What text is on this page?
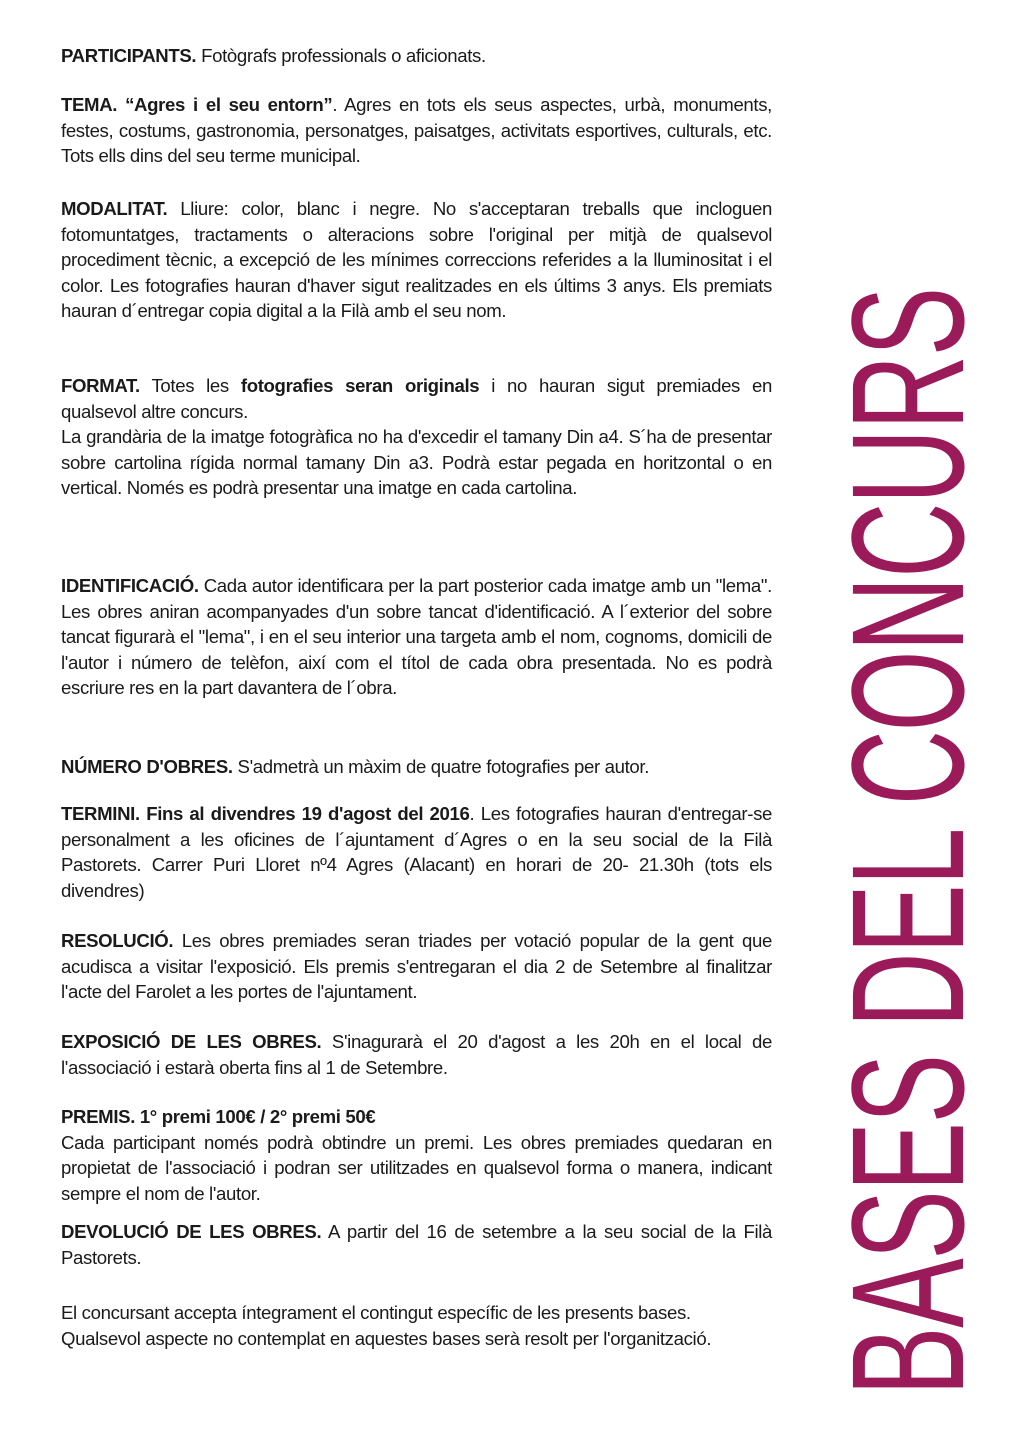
PARTICIPANTS. Fotògrafs professionals o aficionats.
TEMA. “Agres i el seu entorn”. Agres en tots els seus aspectes, urbà, monuments, festes, costums, gastronomia, personatges, paisatges, activitats esportives, culturals, etc. Tots ells dins del seu terme municipal.
MODALITAT. Lliure: color, blanc i negre. No s'acceptaran treballs que incloguen fotomuntatges, tractaments o alteracions sobre l'original per mitjà de qualsevol procediment tècnic, a excepció de les mínimes correccions referides a la lluminositat i el color. Les fotografies hauran d'haver sigut realitzades en els últims 3 anys. Els premiats hauran d´entregar copia digital a la Filà amb el seu nom.
FORMAT. Totes les fotografies seran originals i no hauran sigut premiades en qualsevol altre concurs.
La grandària de la imatge fotogràfica no ha d'excedir el tamany Din a4. S´ha de presentar sobre cartolina rígida normal tamany Din a3. Podrà estar pegada en horitzontal o en vertical. Només es podrà presentar una imatge en cada cartolina.
IDENTIFICACIÓ. Cada autor identificara per la part posterior cada imatge amb un "lema". Les obres aniran acompanyades d'un sobre tancat d'identificació. A l´exterior del sobre tancat figurarà el "lema", i en el seu interior una targeta amb el nom, cognoms, domicili de l'autor i número de telèfon, així com el títol de cada obra presentada. No es podrà escriure res en la part davantera de l´obra.
NÚMERO D'OBRES. S'admetrà un màxim de quatre fotografies per autor.
TERMINI. Fins al divendres 19 d'agost del 2016. Les fotografies hauran d'entregar-se personalment a les oficines de l´ajuntament d´Agres o en la seu social de la Filà Pastorets. Carrer Puri Lloret nº4 Agres (Alacant) en horari de 20- 21.30h (tots els divendres)
RESOLUCIÓ. Les obres premiades seran triades per votació popular de la gent que acudisca a visitar l'exposició. Els premis s'entregaran el dia 2 de Setembre al finalitzar l'acte del Farolet a les portes de l'ajuntament.
EXPOSICIÓ DE LES OBRES. S'inagurarà el 20 d'agost a les 20h en el local de l'associació i estarà oberta fins al 1 de Setembre.
PREMIS. 1° premi 100€ / 2° premi 50€
Cada participant només podrà obtindre un premi. Les obres premiades quedaran en propietat de l'associació i podran ser utilitzades en qualsevol forma o manera, indicant sempre el nom de l'autor.
DEVOLUCIÓ DE LES OBRES. A partir del 16 de setembre a la seu social de la Filà Pastorets.
El concursant accepta íntegrament el contingut específic de les presents bases.
Qualsevol aspecte no contemplat en aquestes bases serà resolt per l'organització. BASES DEL CONCURS
